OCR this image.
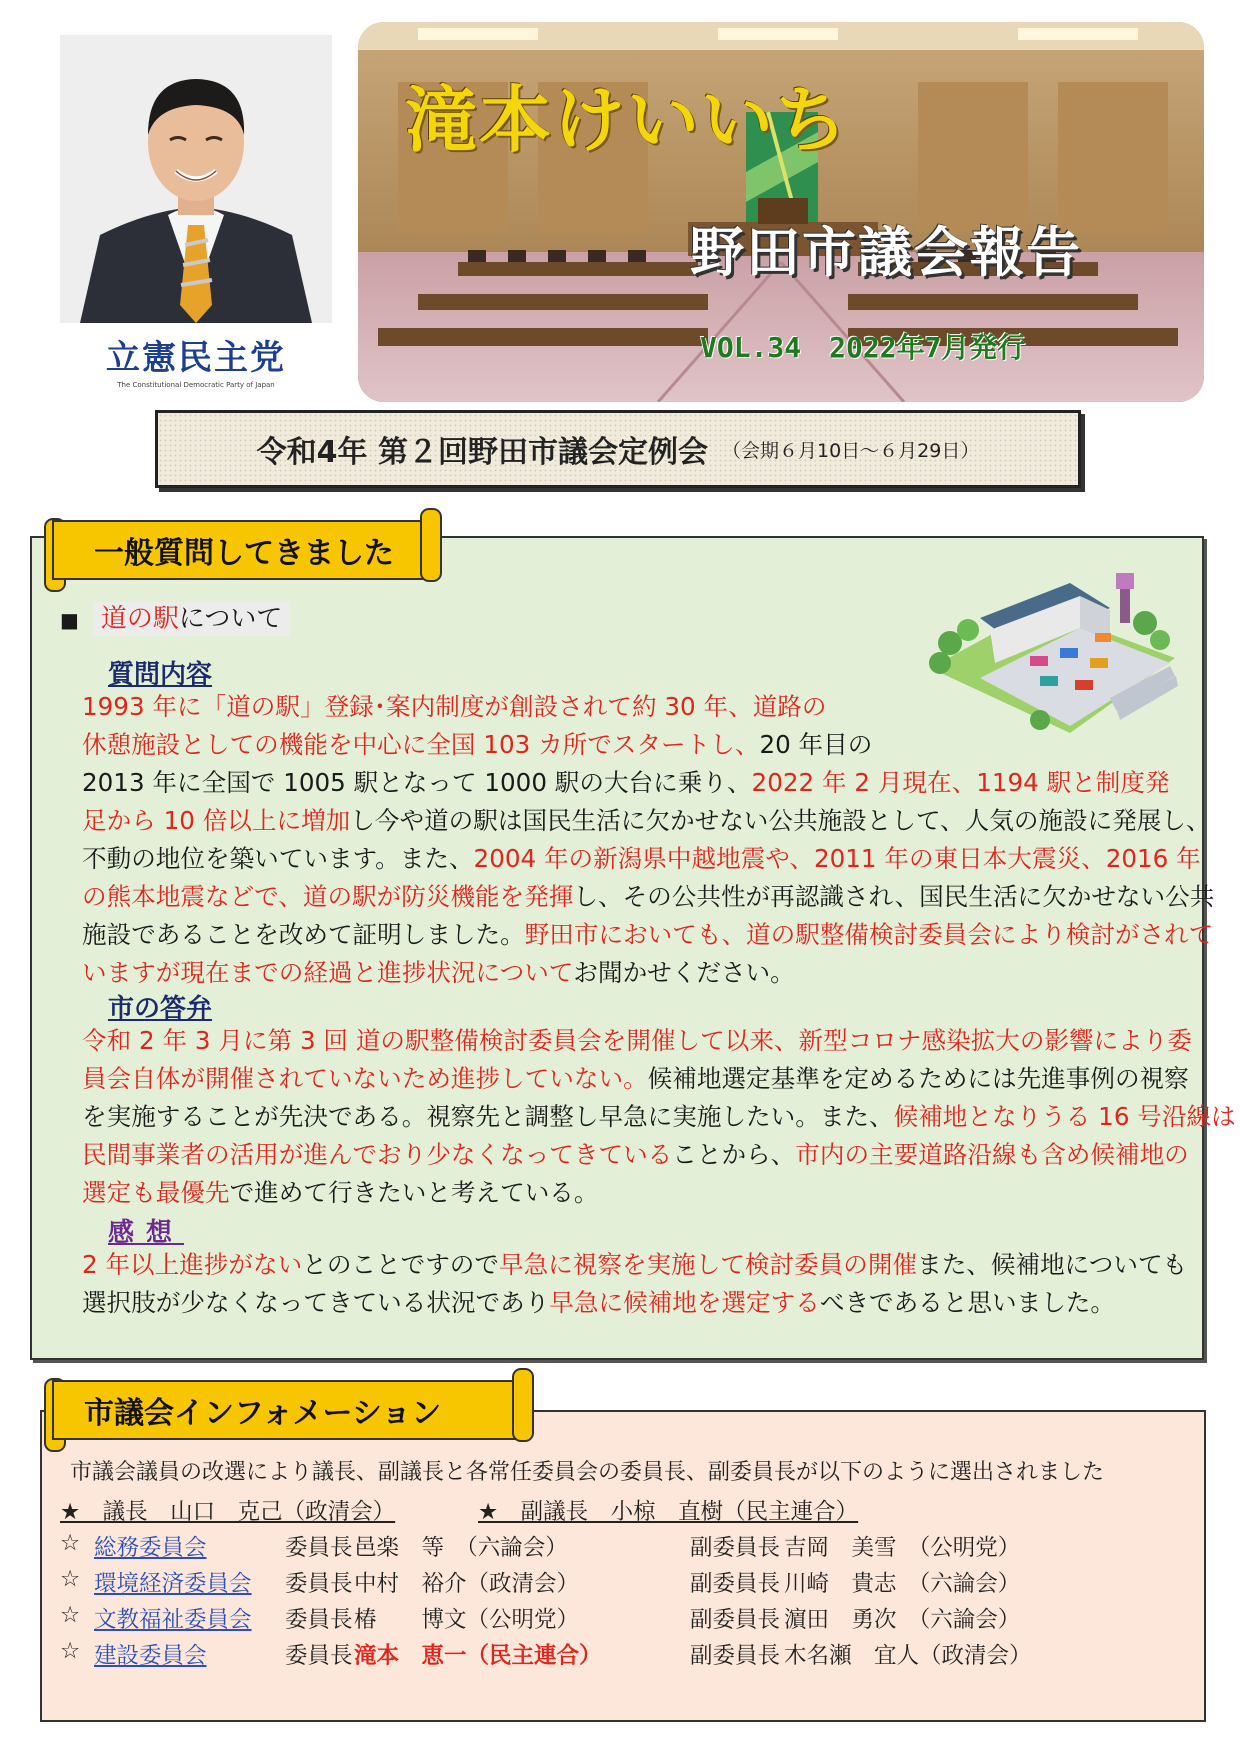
立憲民主党
The Constitutional Democratic Party of Japan
滝本けいいち
野田市議会報告
VOL.34　2022年7月発行
令和4年 第２回野田市議会定例会 （会期６月10日～６月29日）
一般質問してきました
■ 道の駅について
質問内容
1993 年に「道の駅」登録･案内制度が創設されて約 30 年、道路の
休憩施設としての機能を中心に全国 103 カ所でスタートし、20 年目の
2013 年に全国で 1005 駅となって 1000 駅の大台に乗り、2022 年 2 月現在、1194 駅と制度発
足から 10 倍以上に増加し今や道の駅は国民生活に欠かせない公共施設として、人気の施設に発展し、
不動の地位を築いています。また、2004 年の新潟県中越地震や、2011 年の東日本大震災、2016 年
の熊本地震などで、道の駅が防災機能を発揮し、その公共性が再認識され、国民生活に欠かせない公共
施設であることを改めて証明しました。野田市においても、道の駅整備検討委員会により検討がされて
いますが現在までの経過と進捗状況についてお聞かせください。
市の答弁
令和 2 年 3 月に第 3 回 道の駅整備検討委員会を開催して以来、新型コロナ感染拡大の影響により委
員会自体が開催されていないため進捗していない。候補地選定基準を定めるためには先進事例の視察
を実施することが先決である。視察先と調整し早急に実施したい。また、候補地となりうる 16 号沿線は
民間事業者の活用が進んでおり少なくなってきていることから、市内の主要道路沿線も含め候補地の
選定も最優先で進めて行きたいと考えている。
感想
2 年以上進捗がないとのことですので早急に視察を実施して検討委員の開催また、候補地についても
選択肢が少なくなってきている状況であり早急に候補地を選定するべきであると思いました。
市議会インフォメーション
市議会議員の改選により議長、副議長と各常任委員会の委員長、副委員長が以下のように選出されました
★　議長　山口　克己（政清会）	★　副議長　小椋　直樹（民主連合）
☆ 総務委員会	委員長 邑楽　等　（六論会）	副委員長 吉岡　美雪　（公明党）
☆ 環境経済委員会 委員長 中村　裕介（政清会）	副委員長 川崎　貴志　（六論会）
☆ 文教福祉委員会 委員長 椿　　博文（公明党）	副委員長 濵田　勇次　（六論会）
☆ 建設委員会	委員長 滝本　恵一（民主連合）	副委員長 木名瀬　宜人（政清会）
